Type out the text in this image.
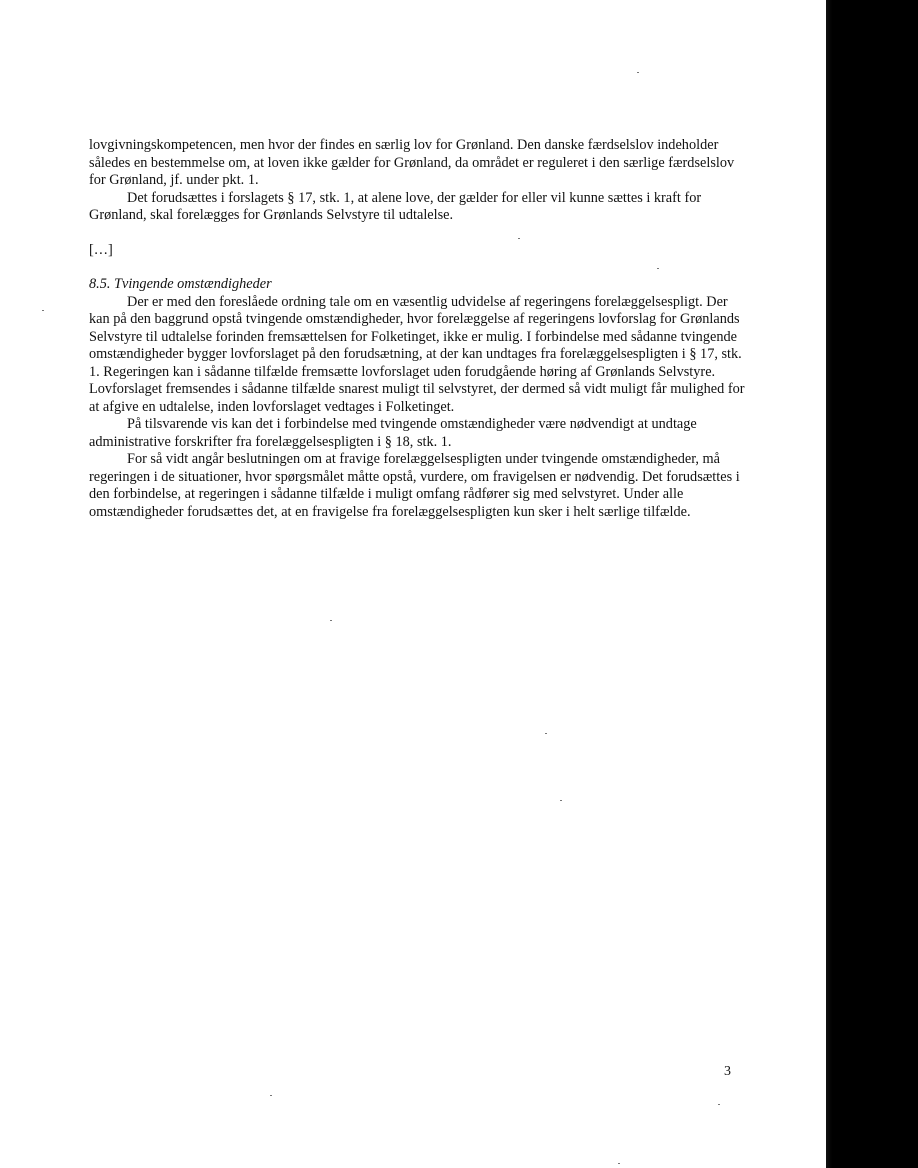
lovgivningskompetencen, men hvor der findes en særlig lov for Grønland. Den danske færdselslov indeholder således en bestemmelse om, at loven ikke gælder for Grønland, da området er reguleret i den særlige færdselslov for Grønland, jf. under pkt. 1.

Det forudsættes i forslagets § 17, stk. 1, at alene love, der gælder for eller vil kunne sættes i kraft for Grønland, skal forelægges for Grønlands Selvstyre til udtalelse.

[…]

8.5. Tvingende omstændigheder

Der er med den foreslåede ordning tale om en væsentlig udvidelse af regeringens forelæggelsespligt. Der kan på den baggrund opstå tvingende omstændigheder, hvor forelæggelse af regeringens lovforslag for Grønlands Selvstyre til udtalelse forinden fremsættelsen for Folketinget, ikke er mulig. I forbindelse med sådanne tvingende omstændigheder bygger lovforslaget på den forudsætning, at der kan undtages fra forelæggelsespligten i § 17, stk. 1. Regeringen kan i sådanne tilfælde fremsætte lovforslaget uden forudgående høring af Grønlands Selvstyre. Lovforslaget fremsendes i sådanne tilfælde snarest muligt til selvstyret, der dermed så vidt muligt får mulighed for at afgive en udtalelse, inden lovforslaget vedtages i Folketinget.

På tilsvarende vis kan det i forbindelse med tvingende omstændigheder være nødvendigt at undtage administrative forskrifter fra forelæggelsespligten i § 18, stk. 1.

For så vidt angår beslutningen om at fravige forelæggelsespligten under tvingende omstændigheder, må regeringen i de situationer, hvor spørgsmålet måtte opstå, vurdere, om fravigelsen er nødvendig. Det forudsættes i den forbindelse, at regeringen i sådanne tilfælde i muligt omfang rådfører sig med selvstyret. Under alle omstændigheder forudsættes det, at en fravigelse fra forelæggelsespligten kun sker i helt særlige tilfælde.

3
